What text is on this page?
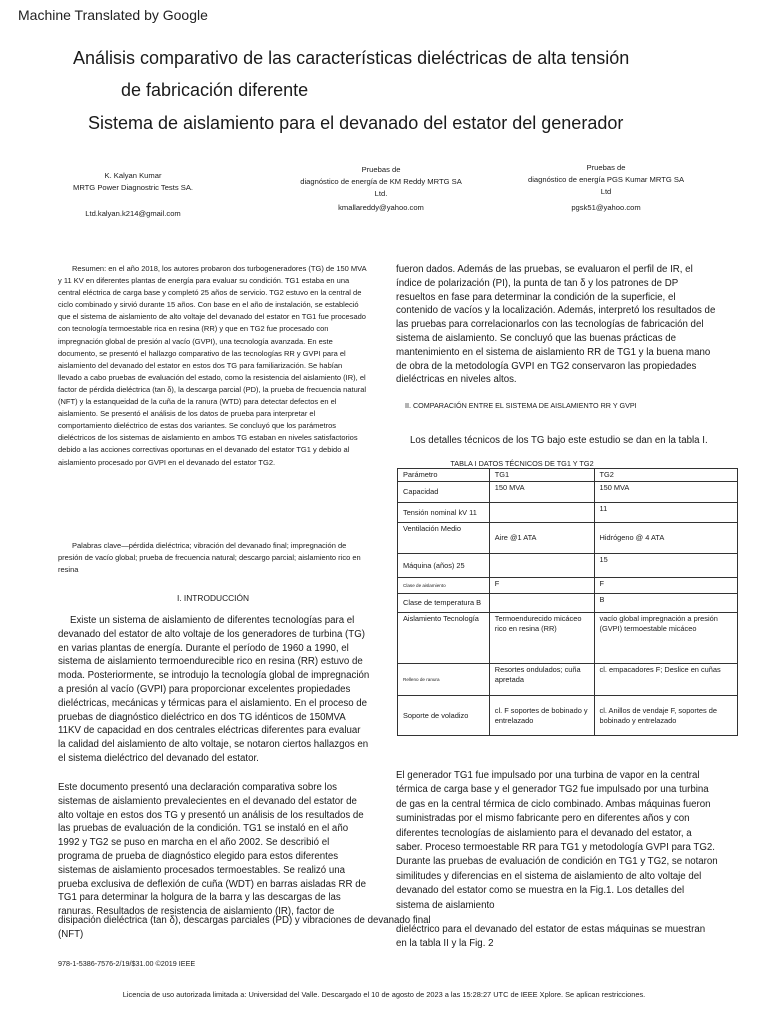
Machine Translated by Google
Análisis comparativo de las características dieléctricas de alta tensión
de fabricación diferente
Sistema de aislamiento para el devanado del estator del generador
K. Kalyan Kumar
MRTG Power Diagnostric Tests SA.
Ltd.kalyan.k214@gmail.com
Pruebas de
diagnóstico de energía de KM Reddy MRTG SA
Ltd.
kmallareddy@yahoo.com
Pruebas de
diagnóstico de energía PGS Kumar MRTG SA
Ltd
pgsk51@yahoo.com
Resumen: en el año 2018, los autores probaron dos turbogeneradores (TG) de 150 MVA y 11 KV en diferentes plantas de energía para evaluar su condición. TG1 estaba en una central eléctrica de carga base y completó 25 años de servicio. TG2 estuvo en la central de ciclo combinado y sirvió durante 15 años. Con base en el año de instalación, se estableció que el sistema de aislamiento de alto voltaje del devanado del estator en TG1 fue procesado con tecnología termoestable rica en resina (RR) y que en TG2 fue procesado con impregnación global de presión al vacío (GVPI), una tecnología avanzada. En este documento, se presentó el hallazgo comparativo de las tecnologías RR y GVPI para el aislamiento del devanado del estator en estos dos TG para familiarización. Se habían llevado a cabo pruebas de evaluación del estado, como la resistencia del aislamiento (IR), el factor de pérdida dieléctrica (tan δ), la descarga parcial (PD), la prueba de frecuencia natural (NFT) y la estanqueidad de la cuña de la ranura (WTD) para detectar defectos en el aislamiento. Se presentó el análisis de los datos de prueba para interpretar el comportamiento dieléctrico de estas dos variantes. Se concluyó que los parámetros dieléctricos de los sistemas de aislamiento en ambos TG estaban en niveles satisfactorios debido a las acciones correctivas oportunas en el devanado del estator TG1 y debido al aislamiento procesado por GVPI en el devanado del estator TG2.
Palabras clave—pérdida dieléctrica; vibración del devanado final; impregnación de presión de vacío global; prueba de frecuencia natural; descargo parcial; aislamiento rico en resina
I. INTRODUCCIÓN
Existe un sistema de aislamiento de diferentes tecnologías para el devanado del estator de alto voltaje de los generadores de turbina (TG) en varias plantas de energía. Durante el período de 1960 a 1990, el sistema de aislamiento termoendurecible rico en resina (RR) estuvo de moda. Posteriormente, se introdujo la tecnología global de impregnación a presión al vacío (GVPI) para proporcionar excelentes propiedades dieléctricas, mecánicas y térmicas para el aislamiento. En el proceso de pruebas de diagnóstico dieléctrico en dos TG idénticos de 150MVA 11KV de capacidad en dos centrales eléctricas diferentes para evaluar la calidad del aislamiento de alto voltaje, se notaron ciertos hallazgos en el sistema dieléctrico del devanado del estator.
Este documento presentó una declaración comparativa sobre los sistemas de aislamiento prevalecientes en el devanado del estator de alto voltaje en estos dos TG y presentó un análisis de los resultados de las pruebas de evaluación de la condición. TG1 se instaló en el año 1992 y TG2 se puso en marcha en el año 2002. Se describió el programa de prueba de diagnóstico elegido para estos diferentes sistemas de aislamiento procesados termoestables. Se realizó una prueba exclusiva de deflexión de cuña (WDT) en barras aisladas RR de TG1 para determinar la holgura de la barra y las descargas de las ranuras. Resultados de resistencia de aislamiento (IR), factor de
disipación dieléctrica (tan δ), descargas parciales (PD) y vibraciones de devanado final (NFT)
fueron dados. Además de las pruebas, se evaluaron el perfil de IR, el índice de polarización (PI), la punta de tan δ y los patrones de DP resueltos en fase para determinar la condición de la superficie, el contenido de vacíos y la localización. Además, interpretó los resultados de las pruebas para correlacionarlos con las tecnologías de fabricación del sistema de aislamiento. Se concluyó que las buenas prácticas de mantenimiento en el sistema de aislamiento RR de TG1 y la buena mano de obra de la metodología GVPI en TG2 conservaron las propiedades dieléctricas en niveles altos.
II. COMPARACIÓN ENTRE EL SISTEMA DE AISLAMIENTO RR Y GVPI
Los detalles técnicos de los TG bajo este estudio se dan en la tabla I.
TABLA I DATOS TÉCNICOS DE TG1 Y TG2
Parámetro	TG1	TG2
Capacidad	150 MVA	150 MVA
Tensión nominal kV 11		11
Ventilación Medio	Aire @1 ATA	Hidrógeno @ 4 ATA
Máquina (años) 25		15
Clase de aislamiento	F	F
Clase de temperatura B		B
Aislamiento Tecnología	Termoendurecido micáceo rico en resina (RR)	vacío global impregnación a presión (GVPI) termoestable micáceo
Relleno de ranura	Resortes ondulados; cuña apretada	cl. empacadores F; Deslice en cuñas
Soporte de voladizo	cl. F soportes de bobinado y entrelazado	cl. Anillos de vendaje F, soportes de bobinado y entrelazado
El generador TG1 fue impulsado por una turbina de vapor en la central térmica de carga base y el generador TG2 fue impulsado por una turbina de gas en la central térmica de ciclo combinado. Ambas máquinas fueron suministradas por el mismo fabricante pero en diferentes años y con diferentes tecnologías de aislamiento para el devanado del estator, a saber. Proceso termoestable RR para TG1 y metodología GVPI para TG2. Durante las pruebas de evaluación de condición en TG1 y TG2, se notaron similitudes y diferencias en el sistema de aislamiento de alto voltaje del devanado del estator como se muestra en la Fig.1. Los detalles del sistema de aislamiento
dieléctrico para el devanado del estator de estas máquinas se muestran en la tabla II y la Fig. 2
978-1-5386-7576-2/19/$31.00 ©2019 IEEE
Licencia de uso autorizada limitada a: Universidad del Valle. Descargado el 10 de agosto de 2023 a las 15:28:27 UTC de IEEE Xplore. Se aplican restricciones.
